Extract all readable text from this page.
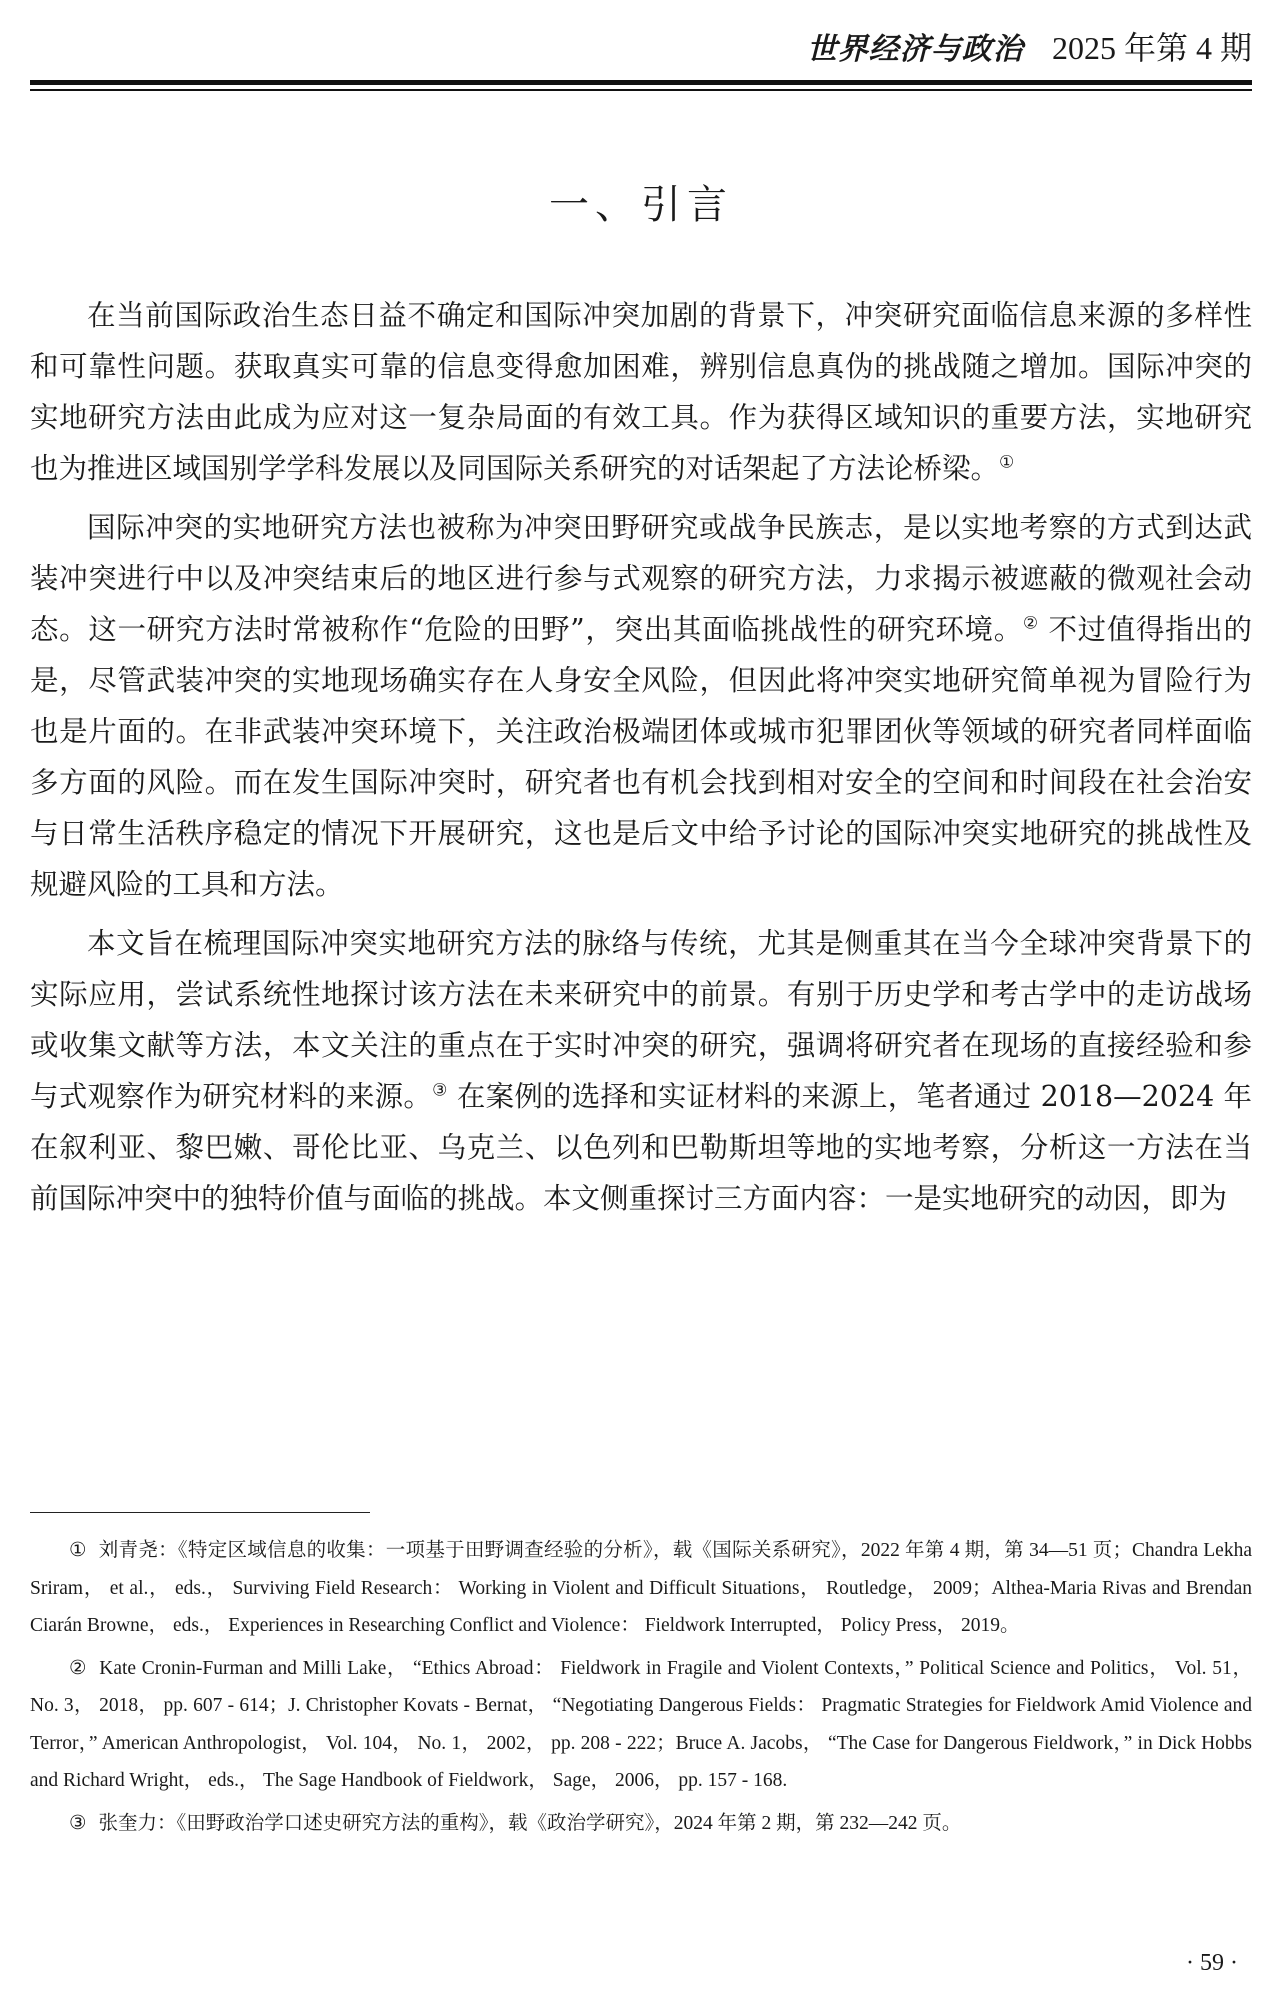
世界经济与政治 2025 年第 4 期
一、引言

在当前国际政治生态日益不确定和国际冲突加剧的背景下，冲突研究面临信息来源的多样性和可靠性问题。获取真实可靠的信息变得愈加困难，辨别信息真伪的挑战随之增加。国际冲突的实地研究方法由此成为应对这一复杂局面的有效工具。作为获得区域知识的重要方法，实地研究也为推进区域国别学学科发展以及同国际关系研究的对话架起了方法论桥梁。①

国际冲突的实地研究方法也被称为冲突田野研究或战争民族志，是以实地考察的方式到达武装冲突进行中以及冲突结束后的地区进行参与式观察的研究方法，力求揭示被遮蔽的微观社会动态。这一研究方法时常被称作“危险的田野”，突出其面临挑战性的研究环境。② 不过值得指出的是，尽管武装冲突的实地现场确实存在人身安全风险，但因此将冲突实地研究简单视为冒险行为也是片面的。在非武装冲突环境下，关注政治极端团体或城市犯罪团伙等领域的研究者同样面临多方面的风险。而在发生国际冲突时，研究者也有机会找到相对安全的空间和时间段在社会治安与日常生活秩序稳定的情况下开展研究，这也是后文中给予讨论的国际冲突实地研究的挑战性及规避风险的工具和方法。

本文旨在梳理国际冲突实地研究方法的脉络与传统，尤其是侧重其在当今全球冲突背景下的实际应用，尝试系统性地探讨该方法在未来研究中的前景。有别于历史学和考古学中的走访战场或收集文献等方法，本文关注的重点在于实时冲突的研究，强调将研究者在现场的直接经验和参与式观察作为研究材料的来源。③ 在案例的选择和实证材料的来源上，笔者通过 2018—2024 年在叙利亚、黎巴嫩、哥伦比亚、乌克兰、以色列和巴勒斯坦等地的实地考察，分析这一方法在当前国际冲突中的独特价值与面临的挑战。本文侧重探讨三方面内容：一是实地研究的动因，即为

① 刘青尧：《特定区域信息的收集：一项基于田野调查经验的分析》，载《国际关系研究》，2022 年第 4 期，第 34—51 页；Chandra Lekha Sriram， et al.， eds.， Surviving Field Research： Working in Violent and Difficult Situations， Routledge， 2009；Althea-Maria Rivas and Brendan Ciarán Browne， eds.， Experiences in Researching Conflict and Violence： Fieldwork Interrupted， Policy Press， 2019。

② Kate Cronin-Furman and Milli Lake， “Ethics Abroad： Fieldwork in Fragile and Violent Contexts，” Political Science and Politics， Vol. 51， No. 3， 2018， pp. 607 - 614；J. Christopher Kovats - Bernat， “Negotiating Dangerous Fields： Pragmatic Strategies for Fieldwork Amid Violence and Terror，” American Anthropologist， Vol. 104， No. 1， 2002， pp. 208 - 222；Bruce A. Jacobs， “The Case for Dangerous Fieldwork，” in Dick Hobbs and Richard Wright， eds.， The Sage Handbook of Fieldwork， Sage， 2006， pp. 157 - 168.

③ 张奎力：《田野政治学口述史研究方法的重构》，载《政治学研究》，2024 年第 2 期，第 232—242 页。

· 59 ·
